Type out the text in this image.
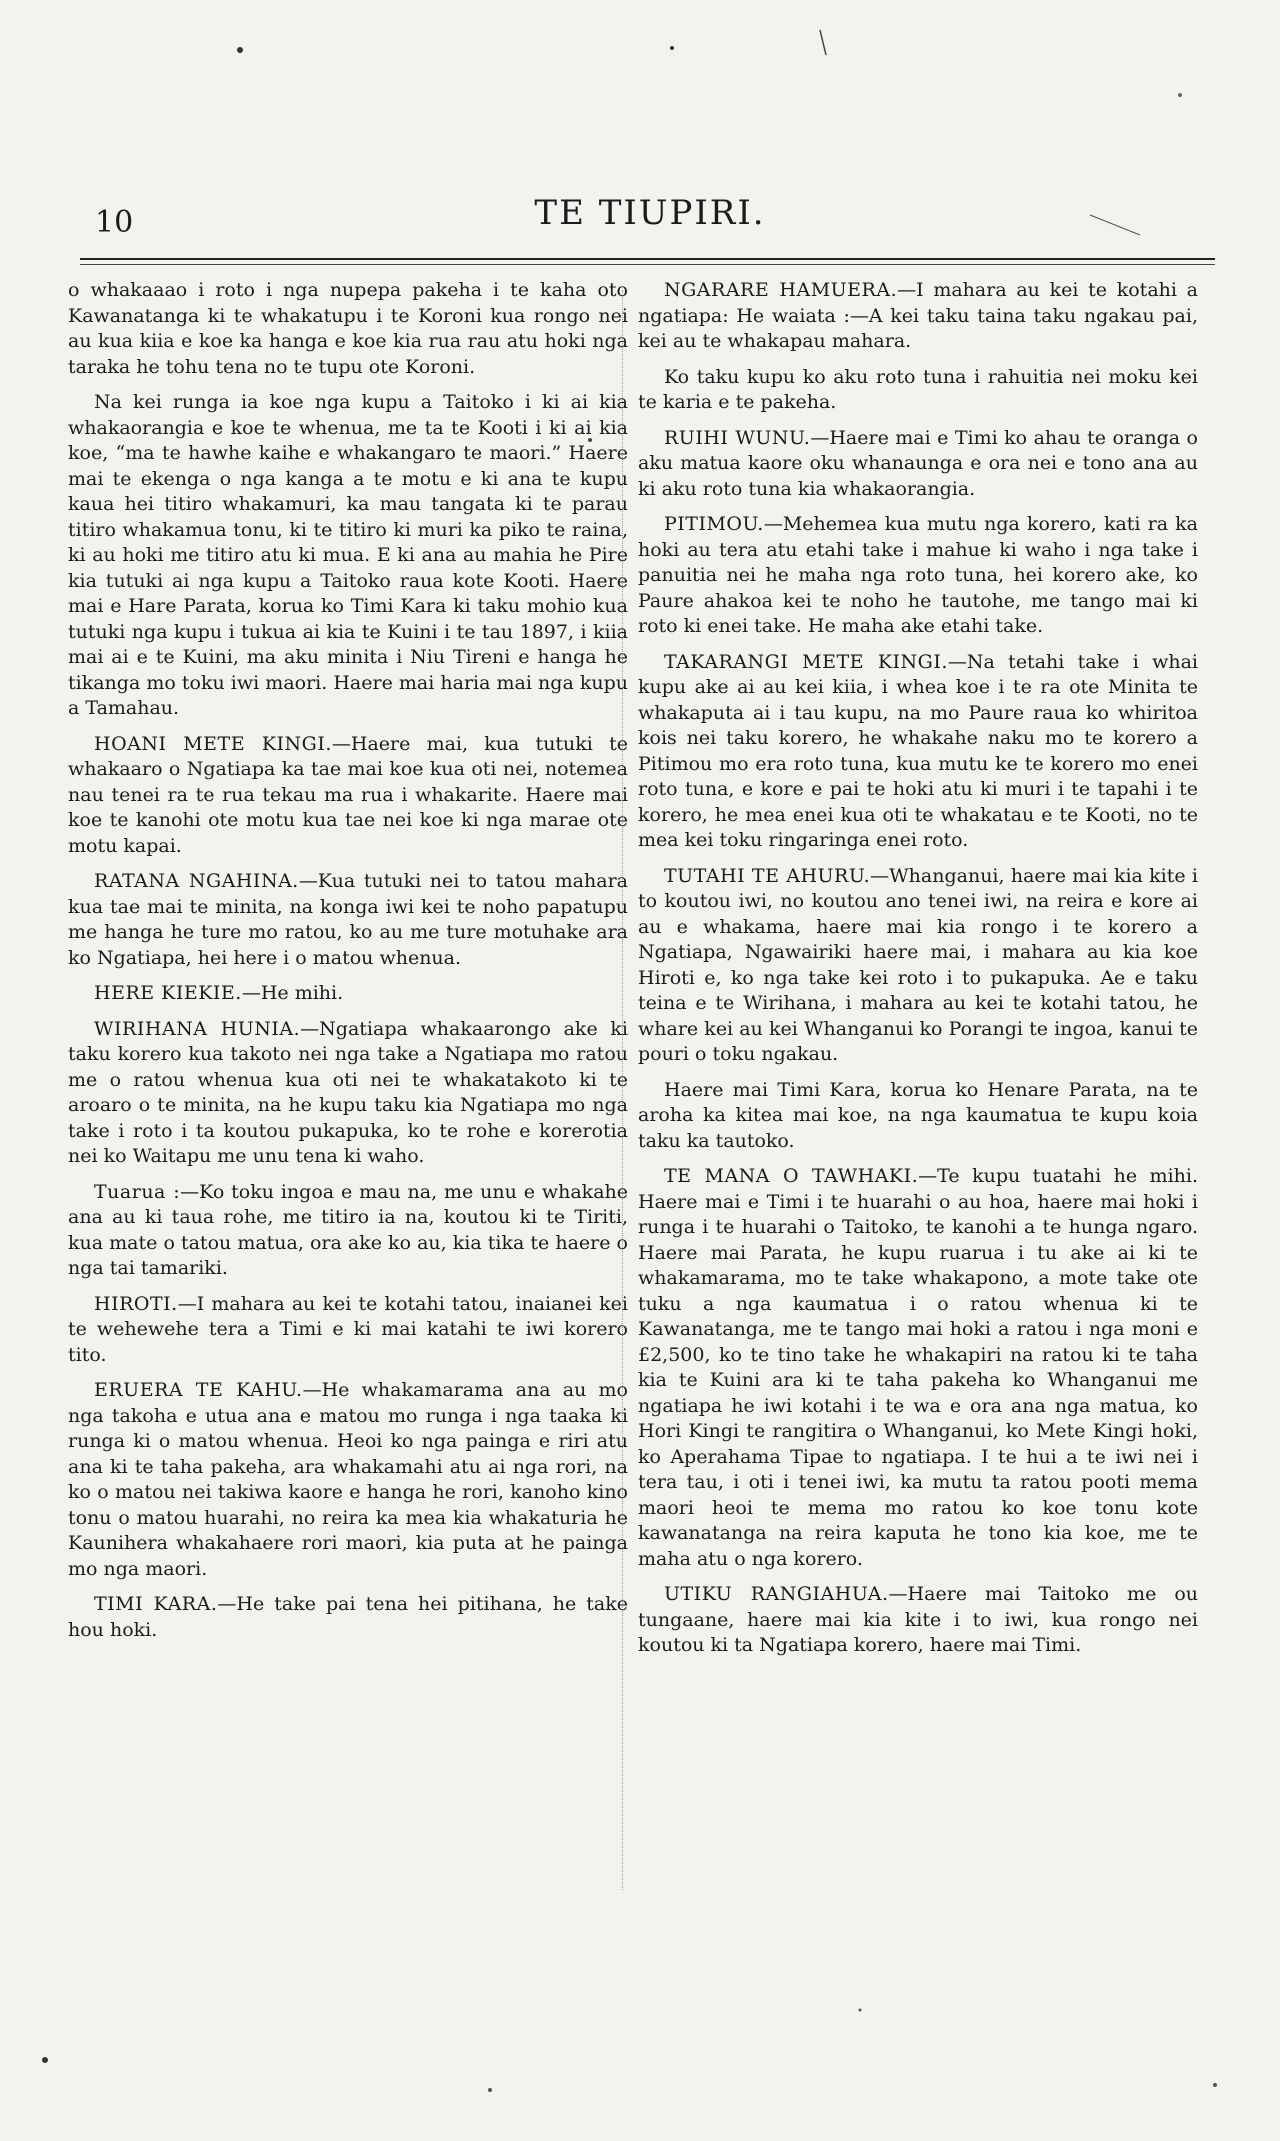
10	TE TIUPIRI.

o whakaaao i roto i nga nupepa pakeha i te kaha oto Kawanatanga ki te whakatupu i te Koroni kua rongo nei au kua kiia e koe ka hanga e koe kia rua rau atu hoki nga taraka he tohu tena no te tupu ote Koroni.

Na kei runga ia koe nga kupu a Taitoko i ki ai kia whakaorangia e koe te whenua, me ta te Kooti i ki ai kia koe, “ma te hawhe kaihe e whakangaro te maori.” Haere mai te ekenga o nga kanga a te motu e ki ana te kupu kaua hei titiro whakamuri, ka mau tangata ki te parau titiro whakamua tonu, ki te titiro ki muri ka piko te raina, ki au hoki me titiro atu ki mua. E ki ana au mahia he Pire kia tutuki ai nga kupu a Taitoko raua kote Kooti. Haere mai e Hare Parata, korua ko Timi Kara ki taku mohio kua tutuki nga kupu i tukua ai kia te Kuini i te tau 1897, i kiia mai ai e te Kuini, ma aku minita i Niu Tireni e hanga he tikanga mo toku iwi maori. Haere mai haria mai nga kupu a Tamahau.

HOANI METE KINGI.—Haere mai, kua tutuki te whakaaro o Ngatiapa ka tae mai koe kua oti nei, notemea nau tenei ra te rua tekau ma rua i whakarite. Haere mai koe te kanohi ote motu kua tae nei koe ki nga marae ote motu kapai.

RATANA NGAHINA.—Kua tutuki nei to tatou mahara kua tae mai te minita, na konga iwi kei te noho papatupu me hanga he ture mo ratou, ko au me ture motuhake ara ko Ngatiapa, hei here i o matou whenua.

HERE KIEKIE.—He mihi.

WIRIHANA HUNIA.—Ngatiapa whakaarongo ake ki taku korero kua takoto nei nga take a Ngatiapa mo ratou me o ratou whenua kua oti nei te whakatakoto ki te aroaro o te minita, na he kupu taku kia Ngatiapa mo nga take i roto i ta koutou pukapuka, ko te rohe e korerotia nei ko Waitapu me unu tena ki waho.

Tuarua :—Ko toku ingoa e mau na, me unu e whakahe ana au ki taua rohe, me titiro ia na, koutou ki te Tiriti, kua mate o tatou matua, ora ake ko au, kia tika te haere o nga tai tamariki.

HIROTI.—I mahara au kei te kotahi tatou, inaianei kei te wehewehe tera a Timi e ki mai katahi te iwi korero tito.

ERUERA TE KAHU.—He whakamarama ana au mo nga takoha e utua ana e matou mo runga i nga taaka ki runga ki o matou whenua. Heoi ko nga painga e riri atu ana ki te taha pakeha, ara whakamahi atu ai nga rori, na ko o matou nei takiwa kaore e hanga he rori, kanoho kino tonu o matou huarahi, no reira ka mea kia whakaturia he Kaunihera whakahaere rori maori, kia puta at he painga mo nga maori.

TIMI KARA.—He take pai tena hei pitihana, he take hou hoki.

NGARARE HAMUERA.—I mahara au kei te kotahi a ngatiapa: He waiata :—A kei taku taina taku ngakau pai, kei au te whakapau mahara.

Ko taku kupu ko aku roto tuna i rahuitia nei moku kei te karia e te pakeha.

RUIHI WUNU.—Haere mai e Timi ko ahau te oranga o aku matua kaore oku whanaunga e ora nei e tono ana au ki aku roto tuna kia whakaorangia.

PITIMOU.—Mehemea kua mutu nga korero, kati ra ka hoki au tera atu etahi take i mahue ki waho i nga take i panuitia nei he maha nga roto tuna, hei korero ake, ko Paure ahakoa kei te noho he tautohe, me tango mai ki roto ki enei take. He maha ake etahi take.

TAKARANGI METE KINGI.—Na tetahi take i whai kupu ake ai au kei kiia, i whea koe i te ra ote Minita te whakaputa ai i tau kupu, na mo Paure raua ko whiritoa kois nei taku korero, he whakahe naku mo te korero a Pitimou mo era roto tuna, kua mutu ke te korero mo enei roto tuna, e kore e pai te hoki atu ki muri i te tapahi i te korero, he mea enei kua oti te whakatau e te Kooti, no te mea kei toku ringaringa enei roto.

TUTAHI TE AHURU.—Whanganui, haere mai kia kite i to koutou iwi, no koutou ano tenei iwi, na reira e kore ai au e whakama, haere mai kia rongo i te korero a Ngatiapa, Ngawairiki haere mai, i mahara au kia koe Hiroti e, ko nga take kei roto i to pukapuka. Ae e taku teina e te Wirihana, i mahara au kei te kotahi tatou, he whare kei au kei Whanganui ko Porangi te ingoa, kanui te pouri o toku ngakau.

Haere mai Timi Kara, korua ko Henare Parata, na te aroha ka kitea mai koe, na nga kaumatua te kupu koia taku ka tautoko.

TE MANA O TAWHAKI.—Te kupu tuatahi he mihi. Haere mai e Timi i te huarahi o au hoa, haere mai hoki i runga i te huarahi o Taitoko, te kanohi a te hunga ngaro. Haere mai Parata, he kupu ruarua i tu ake ai ki te whakamarama, mo te take whakapono, a mote take ote tuku a nga kaumatua i o ratou whenua ki te Kawanatanga, me te tango mai hoki a ratou i nga moni e £2,500, ko te tino take he whakapiri na ratou ki te taha kia te Kuini ara ki te taha pakeha ko Whanganui me ngatiapa he iwi kotahi i te wa e ora ana nga matua, ko Hori Kingi te rangitira o Whanganui, ko Mete Kingi hoki, ko Aperahama Tipae to ngatiapa. I te hui a te iwi nei i tera tau, i oti i tenei iwi, ka mutu ta ratou pooti mema maori heoi te mema mo ratou ko koe tonu kote kawanatanga na reira kaputa he tono kia koe, me te maha atu o nga korero.

UTIKU RANGIAHUA.—Haere mai Taitoko me ou tungaane, haere mai kia kite i to iwi, kua rongo nei koutou ki ta Ngatiapa korero, haere mai Timi.
